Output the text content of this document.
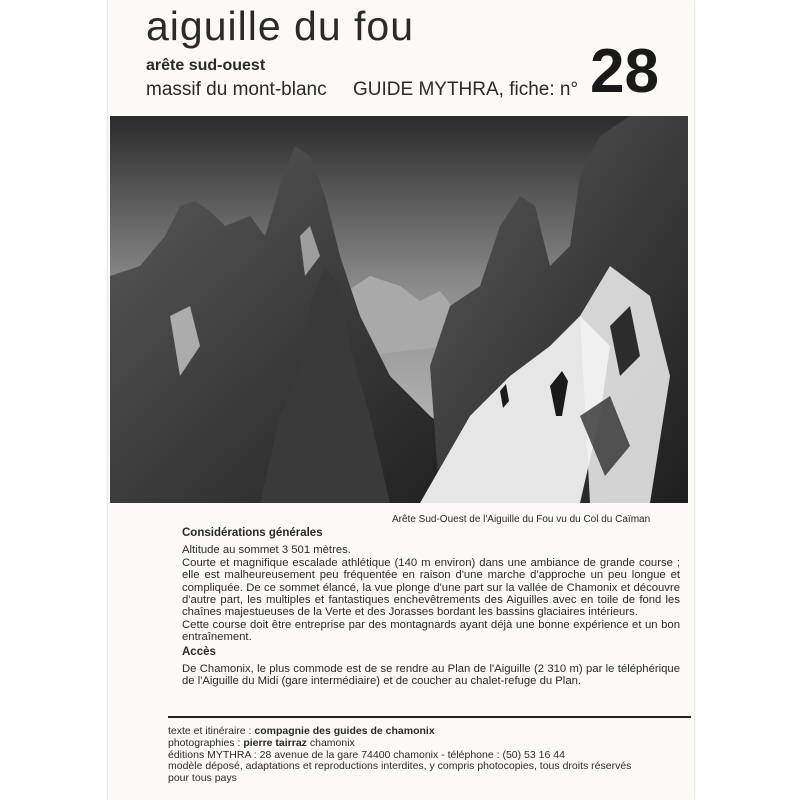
aiguille du fou
arête sud-ouest
massif du mont-blanc GUIDE MYTHRA, fiche: n° 28
Arête Sud-Ouest de l'Aiguille du Fou vu du Col du Caïman
Considérations générales

Altitude au sommet 3 501 mètres.

Courte et magnifique escalade athlétique (140 m environ) dans une ambiance de grande course ; elle est malheureusement peu fréquentée en raison d'une marche d'approche un peu longue et compliquée. De ce sommet élancé, la vue plonge d'une part sur la vallée de Chamonix et découvre d'autre part, les multiples et fantastiques enchevêtrements des Aiguilles avec en toile de fond les chaînes majestueuses de la Verte et des Jorasses bordant les bassins glaciaires intérieurs.

Cette course doit être entreprise par des montagnards ayant déjà une bonne expérience et un bon entraînement.

Accès

De Chamonix, le plus commode est de se rendre au Plan de l'Aiguille (2 310 m) par le téléphérique de l'Aiguille du Midi (gare intermédiaire) et de coucher au chalet-refuge du Plan.

texte et itinéraire : compagnie des guides de chamonix
photographies : pierre tairraz chamonix
éditions MYTHRA : 28 avenue de la gare 74400 chamonix - téléphone : (50) 53 16 44
modèle déposé, adaptations et reproductions interdites, y compris photocopies, tous droits réservés pour tous pays
